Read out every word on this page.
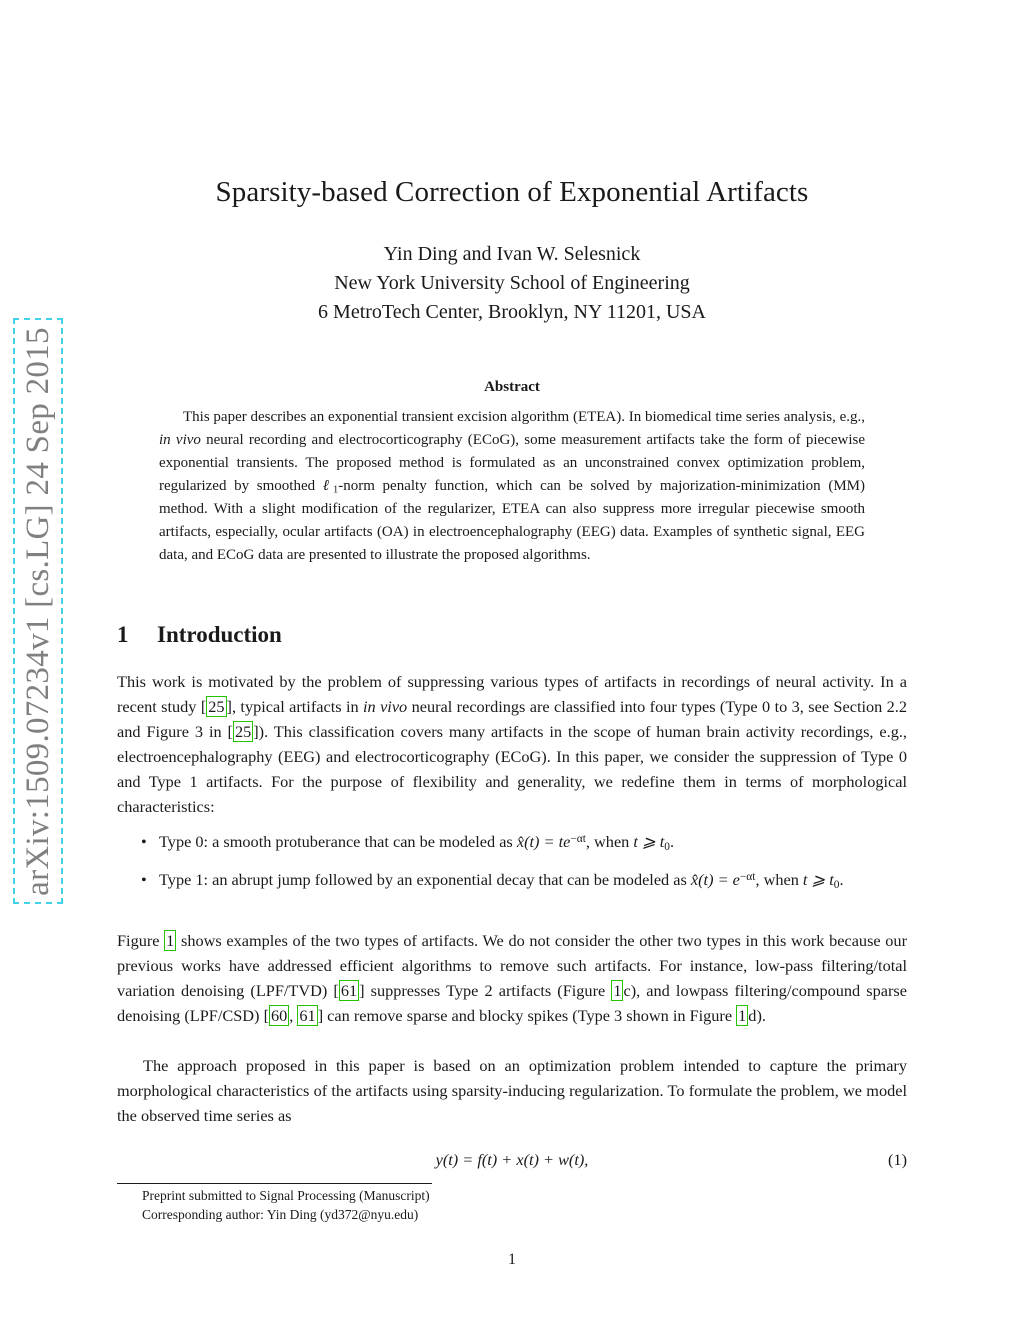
arXiv:1509.07234v1 [cs.LG] 24 Sep 2015
Sparsity-based Correction of Exponential Artifacts
Yin Ding and Ivan W. Selesnick
New York University School of Engineering
6 MetroTech Center, Brooklyn, NY 11201, USA
Abstract
This paper describes an exponential transient excision algorithm (ETEA). In biomedical time series analysis, e.g., in vivo neural recording and electrocorticography (ECoG), some measurement artifacts take the form of piecewise exponential transients. The proposed method is formulated as an unconstrained convex optimization problem, regularized by smoothed ℓ$_1$-norm penalty function, which can be solved by majorization-minimization (MM) method. With a slight modification of the regularizer, ETEA can also suppress more irregular piecewise smooth artifacts, especially, ocular artifacts (OA) in electroencephalography (EEG) data. Examples of synthetic signal, EEG data, and ECoG data are presented to illustrate the proposed algorithms.
1 Introduction
This work is motivated by the problem of suppressing various types of artifacts in recordings of neural activity. In a recent study [ 25 ], typical artifacts in in vivo neural recordings are classified into four types (Type 0 to 3, see Section 2.2 and Figure 3 in [ 25 ]). This classification covers many artifacts in the scope of human brain activity recordings, e.g., electroencephalography (EEG) and electrocorticography (ECoG). In this paper, we consider the suppression of Type 0 and Type 1 artifacts. For the purpose of flexibility and generality, we redefine them in terms of morphological characteristics:
• Type 0: a smooth protuberance that can be modeled as x̂(t) = $te^{-\alpha t}$, when t ⩾ $t_0$.
• Type 1: an abrupt jump followed by an exponential decay that can be modeled as x̂(t) = $e^{-\alpha t}$, when t ⩾ $t_0$.
Figure 1 shows examples of the two types of artifacts. We do not consider the other two types in this work because our previous works have addressed efficient algorithms to remove such artifacts. For instance, low-pass filtering/total variation denoising (LPF/TVD) [ 61 ] suppresses Type 2 artifacts (Figure 1 c), and lowpass filtering/compound sparse denoising (LPF/CSD) [ 60 , 61 ] can remove sparse and blocky spikes (Type 3 shown in Figure 1 d).
The approach proposed in this paper is based on an optimization problem intended to capture the primary morphological characteristics of the artifacts using sparsity-inducing regularization. To formulate the problem, we model the observed time series as
y(t) = f(t) + x(t) + w(t),	(1)
Preprint submitted to Signal Processing (Manuscript)
Corresponding author: Yin Ding (yd372@nyu.edu)
1
